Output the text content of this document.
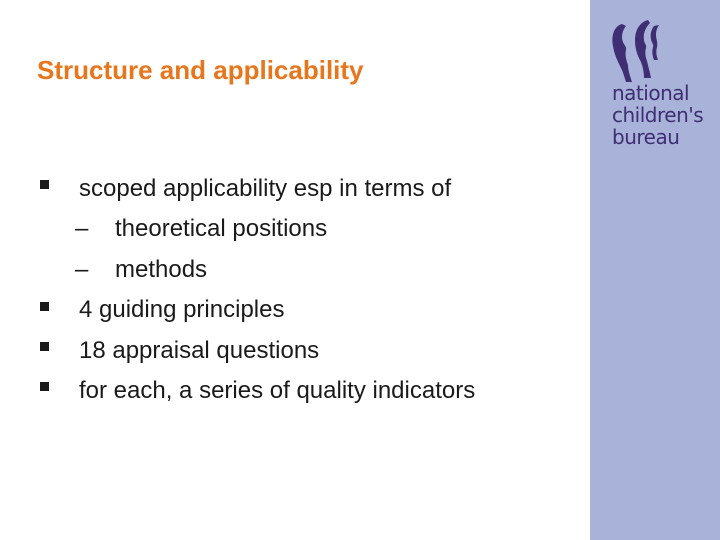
Structure and applicability
scoped applicability esp in terms of
– theoretical positions
– methods
4 guiding principles
18 appraisal questions
for each, a series of quality indicators
national
children's
bureau
